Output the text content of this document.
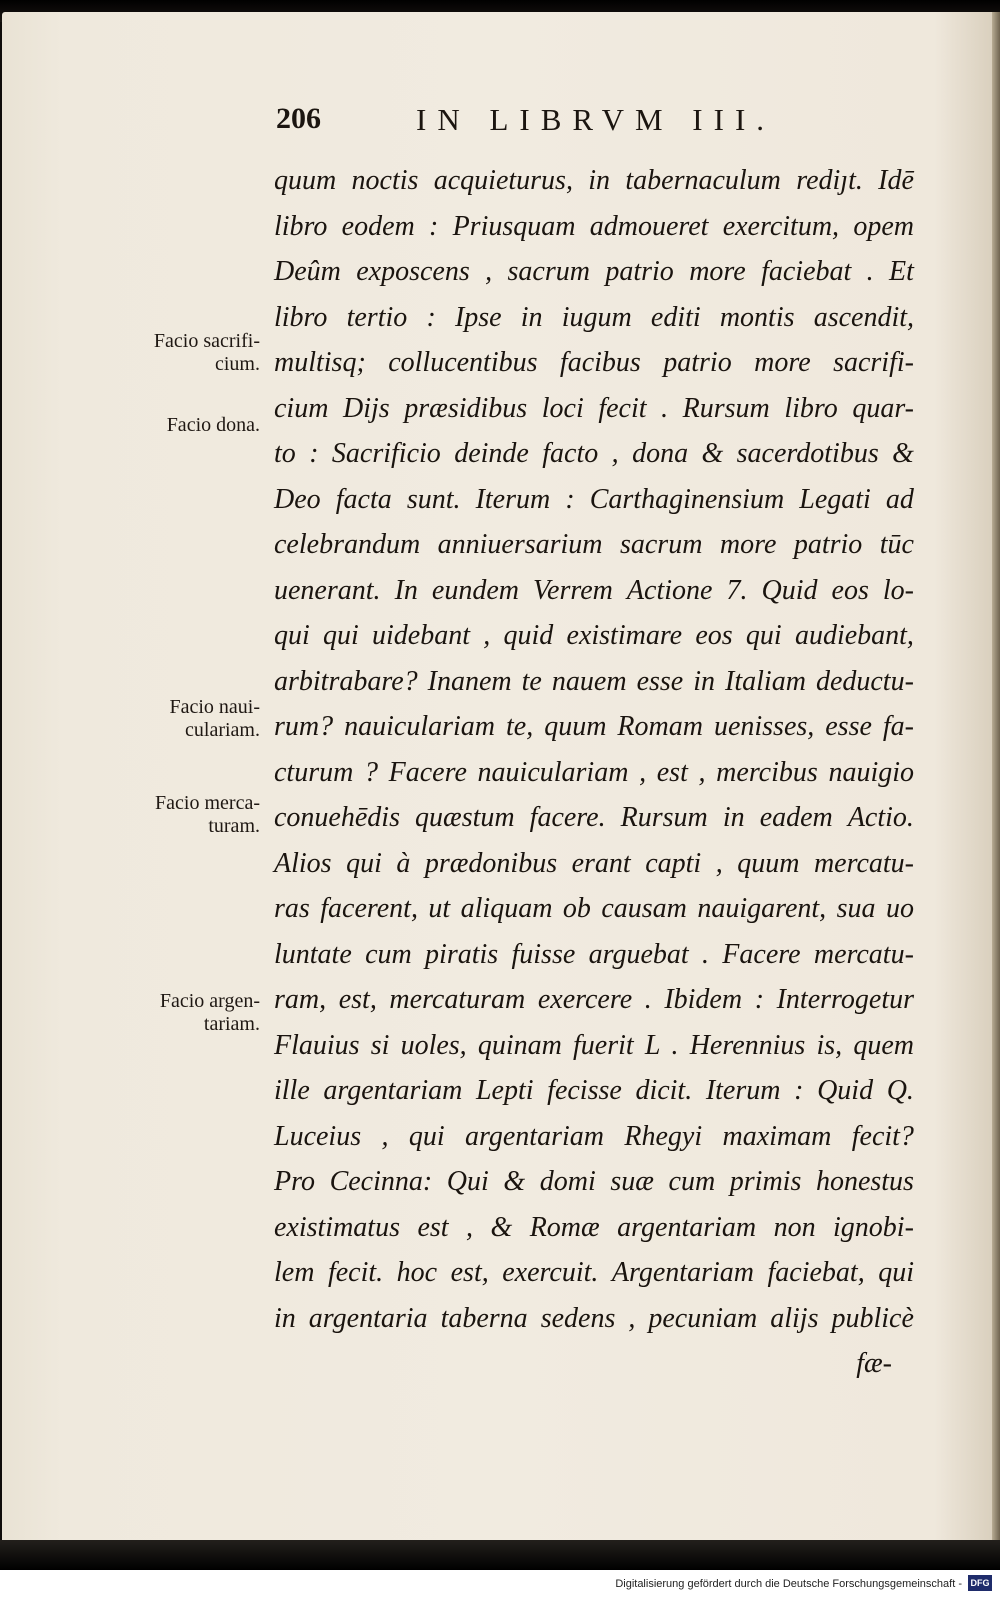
206	IN LIBRVM III.
quum noctis acquieturus, in tabernaculum rediȷt. Idē
libro eodem : Priusquam admoueret exercitum, opem
Deûm exposcens , sacrum patrio more faciebat . Et
libro tertio : Ipse in iugum editi montis ascendit,
multisq; collucentibus facibus patrio more sacrifi-
cium Dijs præsidibus loci fecit . Rursum libro quar-
to : Sacrificio deinde facto , dona & sacerdotibus &
Deo facta sunt. Iterum : Carthaginensium Legati ad
celebrandum anniuersarium sacrum more patrio tūc
uenerant. In eundem Verrem Actione 7. Quid eos lo-
qui qui uidebant , quid existimare eos qui audiebant,
arbitrabare? Inanem te nauem esse in Italiam deductu-
rum? nauiculariam te, quum Romam uenisses, esse fa-
cturum ? Facere nauiculariam , est , mercibus nauigio
conuehēdis quæstum facere. Rursum in eadem Actio.
Alios qui à prædonibus erant capti , quum mercatu-
ras facerent, ut aliquam ob causam nauigarent, sua uo
luntate cum piratis fuisse arguebat . Facere mercatu-
ram, est, mercaturam exercere . Ibidem : Interrogetur
Flauius si uoles, quinam fuerit L . Herennius is, quem
ille argentariam Lepti fecisse dicit. Iterum : Quid Q.
Luceius , qui argentariam Rhegyi maximam fecit?
Pro Cecinna: Qui & domi suæ cum primis honestus
existimatus est , & Romæ argentariam non ignobi-
lem fecit. hoc est, exercuit. Argentariam faciebat, qui
in argentaria taberna sedens , pecuniam alijs publicè
fæ-
Facio sacrifi-
cium.
Facio dona.
Facio naui-
culariam.
Facio merca-
turam.
Facio argen-
tariam.
Digitalisierung gefördert durch die Deutsche Forschungsgemeinschaft - DFG
